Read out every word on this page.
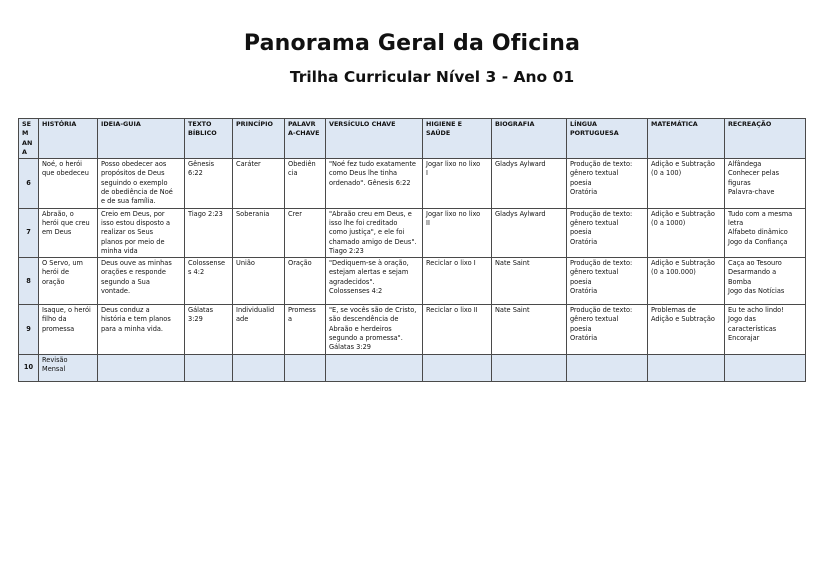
Panorama Geral da Oficina
Trilha Curricular Nível 3 - Ano 01
SEM
ANA	HISTÓRIA	IDEIA-GUIA	TEXTO
BÍBLICO	PRINCÍPIO	PALAVR
A-CHAVE	VERSÍCULO CHAVE	HIGIENE E
SAÚDE	BIOGRAFIA	LÍNGUA
PORTUGUESA	MATEMÁTICA	RECREAÇÃO
6	Noé, o herói
que obedeceu	Posso obedecer aos
propósitos de Deus
seguindo o exemplo
de obediência de Noé
e de sua família.	Gênesis
6:22	Caráter	Obediên
cia	"Noé fez tudo exatamente
como Deus lhe tinha
ordenado". Gênesis 6:22	Jogar lixo no lixo
I	Gladys Aylward	Produção de texto:
gênero textual
poesia
Oratória	Adição e Subtração
(0 a 100)	Alfândega
Conhecer pelas
figuras
Palavra-chave

7	Abraão, o
herói que creu
em Deus	Creio em Deus, por
isso estou disposto a
realizar os Seus
planos por meio de
minha vida	Tiago 2:23	Soberania	Crer	"Abraão creu em Deus, e
isso lhe foi creditado
como justiça", e ele foi
chamado amigo de Deus".
Tiago 2:23	Jogar lixo no lixo
II	Gladys Aylward	Produção de texto:
gênero textual
poesia
Oratória	Adição e Subtração
(0 a 1000)	Tudo com a mesma
letra
Alfabeto dinâmico
Jogo da Confiança

8	O Servo, um
herói de
oração	Deus ouve as minhas
orações e responde
segundo a Sua
vontade.	Colossense
s 4:2	União	Oração	"Dediquem-se à oração,
estejam alertas e sejam
agradecidos".
Colossenses 4:2	Reciclar o lixo I	Nate Saint	Produção de texto:
gênero textual
poesia
Oratória	Adição e Subtração
(0 a 100.000)	Caça ao Tesouro
Desarmando a
Bomba
Jogo das Notícias

9	Isaque, o herói
filho da
promessa	Deus conduz a
história e tem planos
para a minha vida.	Gálatas
3:29	Individualid
ade	Promess
a	"E, se vocês são de Cristo,
são descendência de
Abraão e herdeiros
segundo a promessa".
Gálatas 3:29	Reciclar o lixo II	Nate Saint	Produção de texto:
gênero textual
poesia
Oratória	Problemas de
Adição e Subtração	Eu te acho lindo!
Jogo das
características
Encorajar

10	Revisão
Mensal										
